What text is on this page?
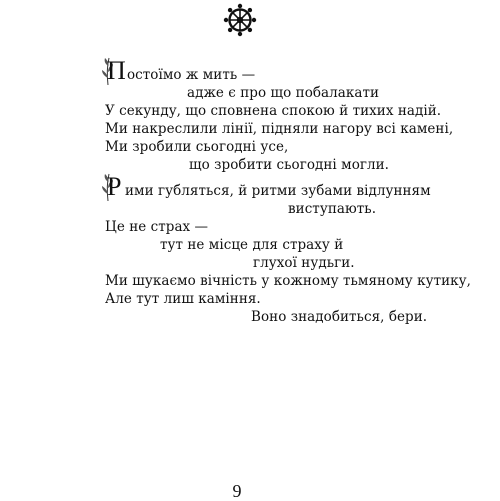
П остоїмо ж мить —
адже є про що побалакати
У секунду, що сповнена спокою й тихих надій.
Ми накреслили лінії, підняли нагору всі камені,
Ми зробили сьогодні усе,
що зробити сьогодні могли.
Р ими губляться, й ритми зубами відлунням
виступають.
Це не страх —
тут не місце для страху й
глухої нудьги.
Ми шукаємо вічність у кожному тьмяному кутику,
Але тут лиш каміння.
Воно знадобиться, бери.
9
